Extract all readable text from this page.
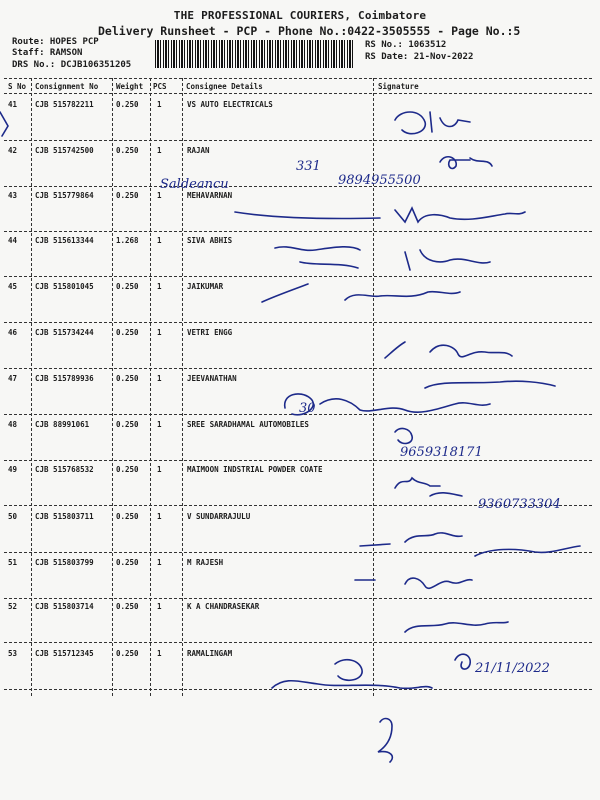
THE PROFESSIONAL COURIERS, Coimbatore
Delivery Runsheet - PCP - Phone No.:0422-3505555 - Page No.:5
Route: HOPES PCP
Staff: RAMSON
DRS No.: DCJB106351205
RS No.: 1063512
RS Date: 21-Nov-2022
S No Consignment No Weight PCS	Consignee Details	Signature
41 CJB 515782211	0.250 1	VS AUTO ELECTRICALS
42 CJB 515742500	0.250 1	RAJAN
43 CJB 515779864	0.250 1	MEHAVARNAN
44 CJB 515613344	1.268 1	SIVA ABHIS
45 CJB 515801045	0.250 1	JAIKUMAR
46 CJB 515734244	0.250 1	VETRI ENGG
47 CJB 515789936	0.250 1	JEEVANATHAN
48 CJB 88991061	0.250 1	SREE SARADHAMAL AUTOMOBILES
49 CJB 515768532	0.250 1	MAIMOON INDSTRIAL POWDER COATE
50 CJB 515803711	0.250 1	V SUNDARRAJULU
51 CJB 515803799	0.250 1	M RAJESH
52 CJB 515803714	0.250 1	K A CHANDRASEKAR
53 CJB 515712345	0.250 1	RAMALINGAM
Saldeancu
331
9894955500
9659318171
9360733304
21/11/2022
30
